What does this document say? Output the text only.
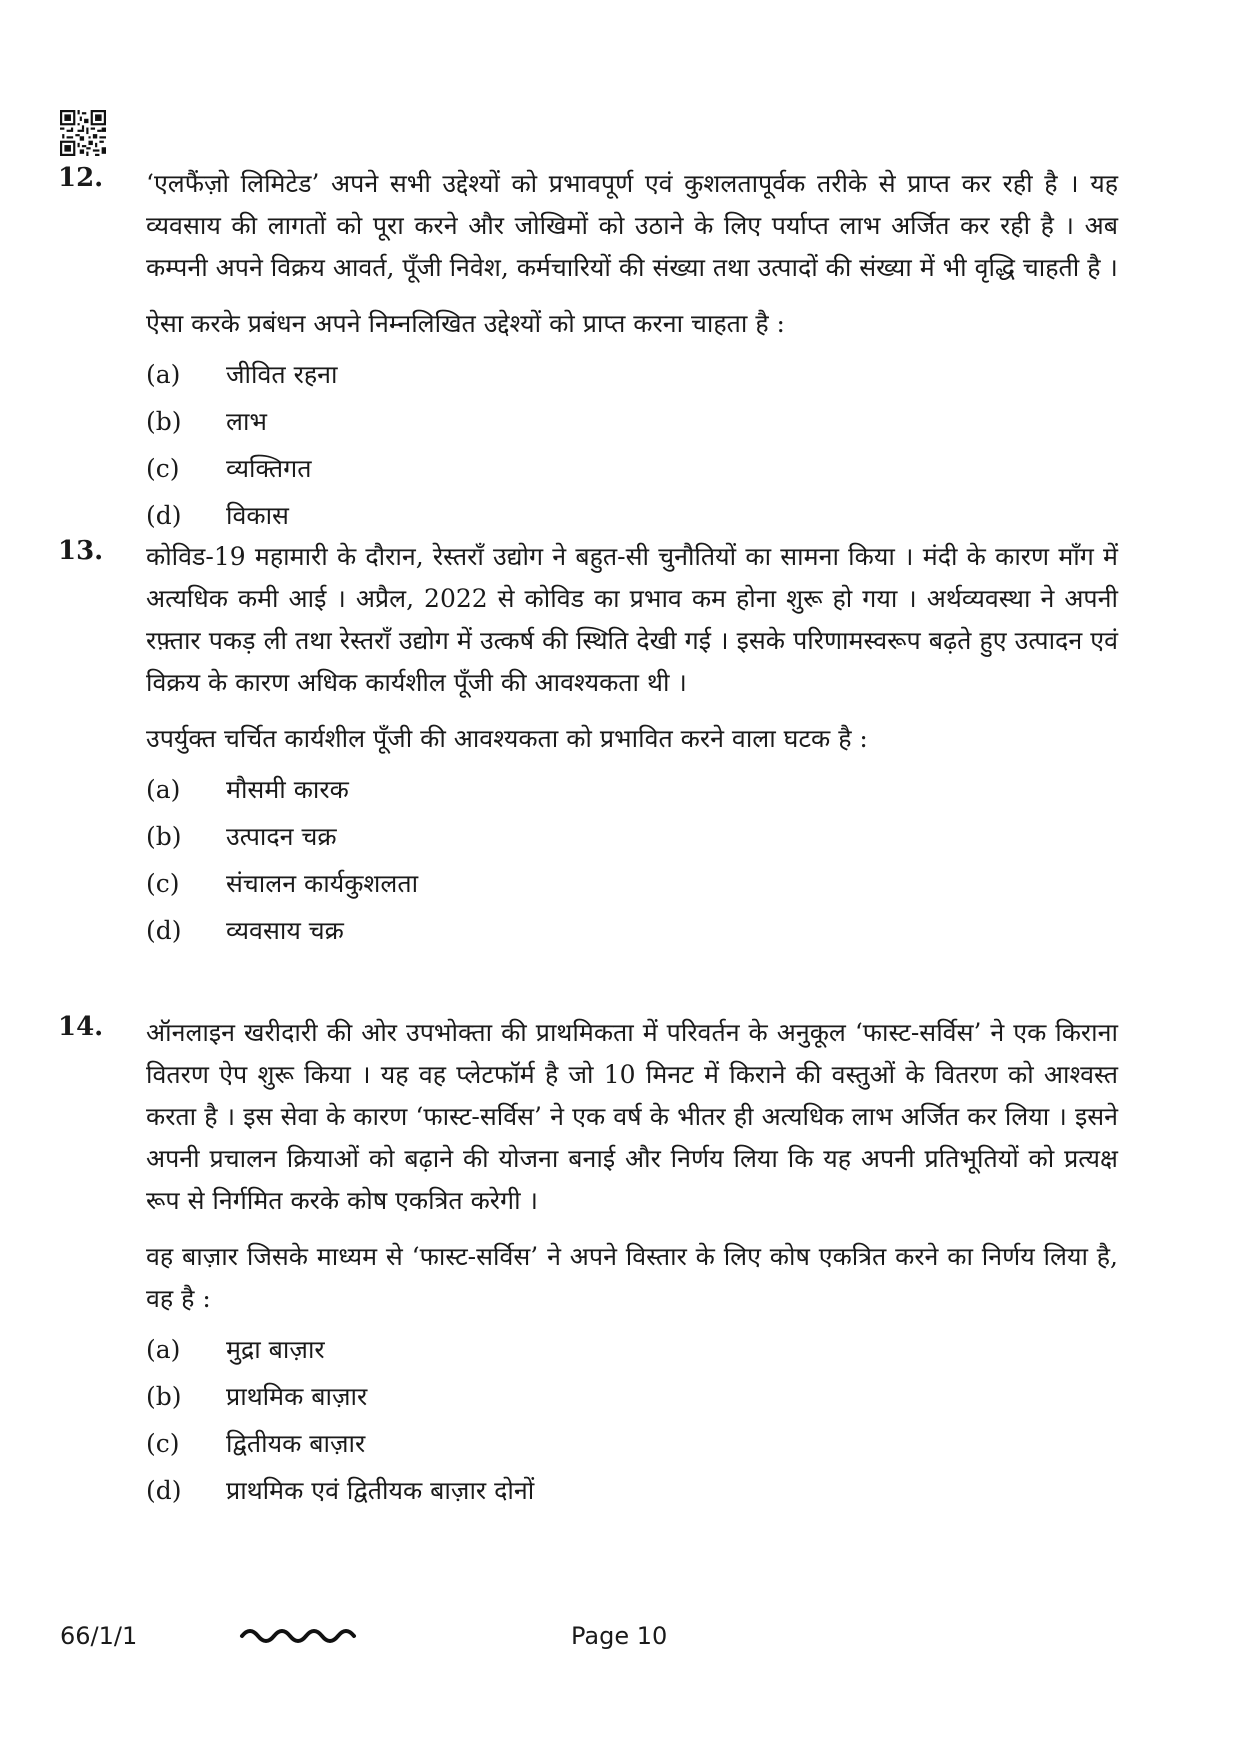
12. ‘एलफैंज़ो लिमिटेड’ अपने सभी उद्देश्यों को प्रभावपूर्ण एवं कुशलतापूर्वक तरीके से प्राप्त कर रही है । यह व्यवसाय की लागतों को पूरा करने और जोखिमों को उठाने के लिए पर्याप्त लाभ अर्जित कर रही है । अब कम्पनी अपने विक्रय आवर्त, पूँजी निवेश, कर्मचारियों की संख्या तथा उत्पादों की संख्या में भी वृद्धि चाहती है ।

ऐसा करके प्रबंधन अपने निम्नलिखित उद्देश्यों को प्राप्त करना चाहता है :

(a)	जीवित रहना
(b)	लाभ
(c)	व्यक्तिगत
(d)	विकास
13. कोविड-19 महामारी के दौरान, रेस्तराँ उद्योग ने बहुत-सी चुनौतियों का सामना किया । मंदी के कारण माँग में अत्यधिक कमी आई । अप्रैल, 2022 से कोविड का प्रभाव कम होना शुरू हो गया । अर्थव्यवस्था ने अपनी रफ़्तार पकड़ ली तथा रेस्तराँ उद्योग में उत्कर्ष की स्थिति देखी गई । इसके परिणामस्वरूप बढ़ते हुए उत्पादन एवं विक्रय के कारण अधिक कार्यशील पूँजी की आवश्यकता थी ।

उपर्युक्त चर्चित कार्यशील पूँजी की आवश्यकता को प्रभावित करने वाला घटक है :

(a)	मौसमी कारक
(b)	उत्पादन चक्र
(c)	संचालन कार्यकुशलता
(d)	व्यवसाय चक्र
14. ऑनलाइन खरीदारी की ओर उपभोक्ता की प्राथमिकता में परिवर्तन के अनुकूल ‘फास्ट-सर्विस’ ने एक किराना वितरण ऐप शुरू किया । यह वह प्लेटफॉर्म है जो 10 मिनट में किराने की वस्तुओं के वितरण को आश्वस्त करता है । इस सेवा के कारण ‘फास्ट-सर्विस’ ने एक वर्ष के भीतर ही अत्यधिक लाभ अर्जित कर लिया । इसने अपनी प्रचालन क्रियाओं को बढ़ाने की योजना बनाई और निर्णय लिया कि यह अपनी प्रतिभूतियों को प्रत्यक्ष रूप से निर्गमित करके कोष एकत्रित करेगी ।

वह बाज़ार जिसके माध्यम से ‘फास्ट-सर्विस’ ने अपने विस्तार के लिए कोष एकत्रित करने का निर्णय लिया है, वह है :

(a)	मुद्रा बाज़ार
(b)	प्राथमिक बाज़ार
(c)	द्वितीयक बाज़ार
(d)	प्राथमिक एवं द्वितीयक बाज़ार दोनों
66/1/1	Page 10
